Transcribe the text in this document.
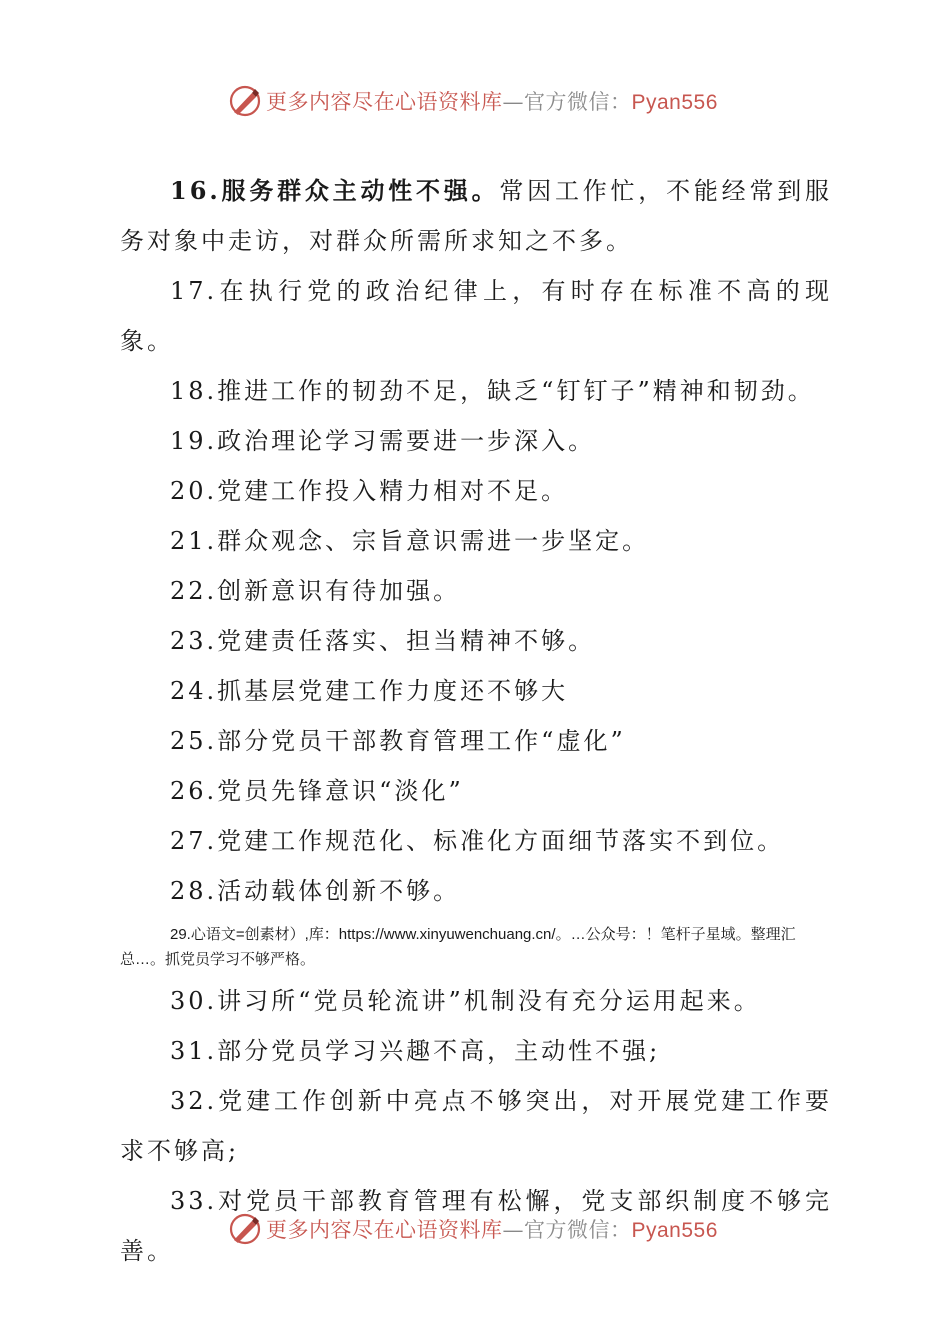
更多内容尽在心语资料库—官方微信：Pyan556

16.服务群众主动性不强。常因工作忙，不能经常到服务对象中走访，对群众所需所求知之不多。

17.在执行党的政治纪律上，有时存在标准不高的现象。

18.推进工作的韧劲不足，缺乏“钉钉子”精神和韧劲。

19.政治理论学习需要进一步深入。

20.党建工作投入精力相对不足。

21.群众观念、宗旨意识需进一步坚定。

22.创新意识有待加强。

23.党建责任落实、担当精神不够。

24.抓基层党建工作力度还不够大

25.部分党员干部教育管理工作“虚化”

26.党员先锋意识“淡化”

27.党建工作规范化、标准化方面细节落实不到位。

28.活动载体创新不够。

29.心语文=创素材）,库：https://www.xinyuwenchuang.cn/。…公众号：！笔杆子星域。整理汇总…。抓党员学习不够严格。

30.讲习所“党员轮流讲”机制没有充分运用起来。

31.部分党员学习兴趣不高，主动性不强;

32.党建工作创新中亮点不够突出，对开展党建工作要求不够高;

33.对党员干部教育管理有松懈，党支部织制度不够完善。

更多内容尽在心语资料库—官方微信：Pyan556
